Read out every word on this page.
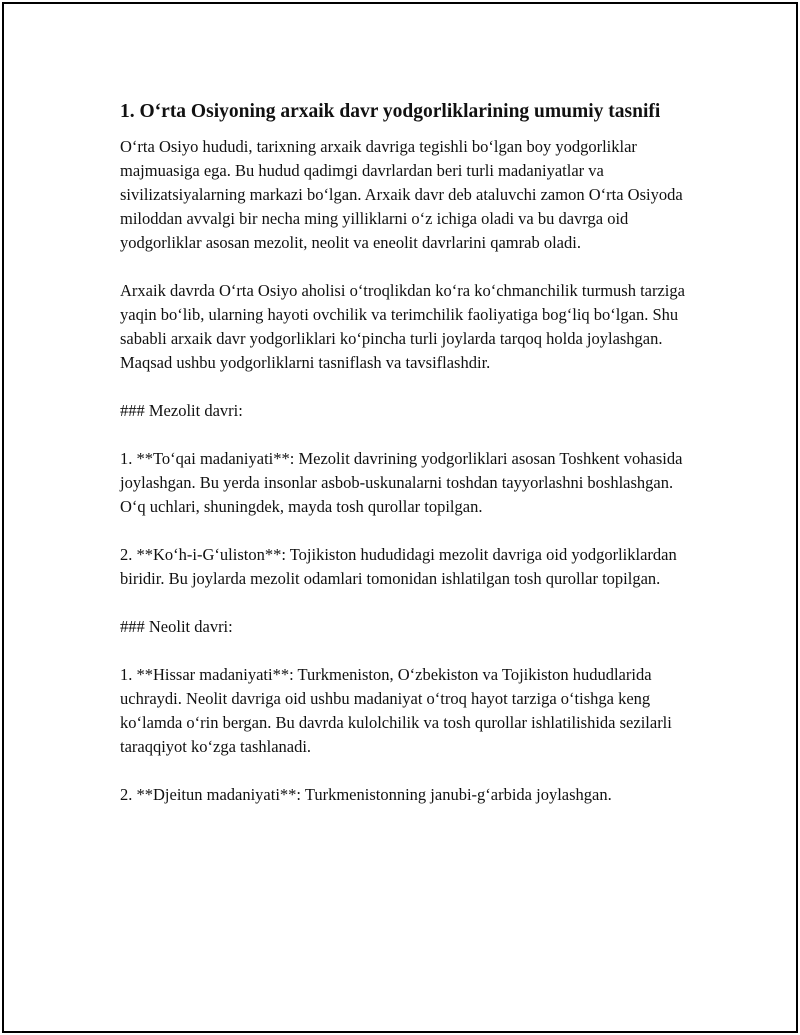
1. Oʻrta Osiyoning arxaik davr yodgorliklarining umumiy tasnifi

Oʻrta Osiyo hududi, tarixning arxaik davriga tegishli boʻlgan boy yodgorliklar majmuasiga ega. Bu hudud qadimgi davrlardan beri turli madaniyatlar va sivilizatsiyalarning markazi boʻlgan. Arxaik davr deb ataluvchi zamon Oʻrta Osiyoda miloddan avvalgi bir necha ming yilliklarni oʻz ichiga oladi va bu davrga oid yodgorliklar asosan mezolit, neolit va eneolit davrlarini qamrab oladi.

Arxaik davrda Oʻrta Osiyo aholisi oʻtroqlikdan koʻra koʻchmanchilik turmush tarziga yaqin boʻlib, ularning hayoti ovchilik va terimchilik faoliyatiga bogʻliq boʻlgan. Shu sababli arxaik davr yodgorliklari koʻpincha turli joylarda tarqoq holda joylashgan. Maqsad ushbu yodgorliklarni tasniflash va tavsiflashdir.

### Mezolit davri:

1. **Toʻqai madaniyati**: Mezolit davrining yodgorliklari asosan Toshkent vohasida joylashgan. Bu yerda insonlar asbob-uskunalarni toshdan tayyorlashni boshlashgan. Oʻq uchlari, shuningdek, mayda tosh qurollar topilgan.

2. **Koʻh-i-Gʻuliston**: Tojikiston hududidagi mezolit davriga oid yodgorliklardan biridir. Bu joylarda mezolit odamlari tomonidan ishlatilgan tosh qurollar topilgan.

### Neolit davri:

1. **Hissar madaniyati**: Turkmeniston, Oʻzbekiston va Tojikiston hududlarida uchraydi. Neolit davriga oid ushbu madaniyat oʻtroq hayot tarziga oʻtishga keng koʻlamda oʻrin bergan. Bu davrda kulolchilik va tosh qurollar ishlatilishida sezilarli taraqqiyot koʻzga tashlanadi.

2. **Djeitun madaniyati**: Turkmenistonning janubi-gʻarbida joylashgan.
